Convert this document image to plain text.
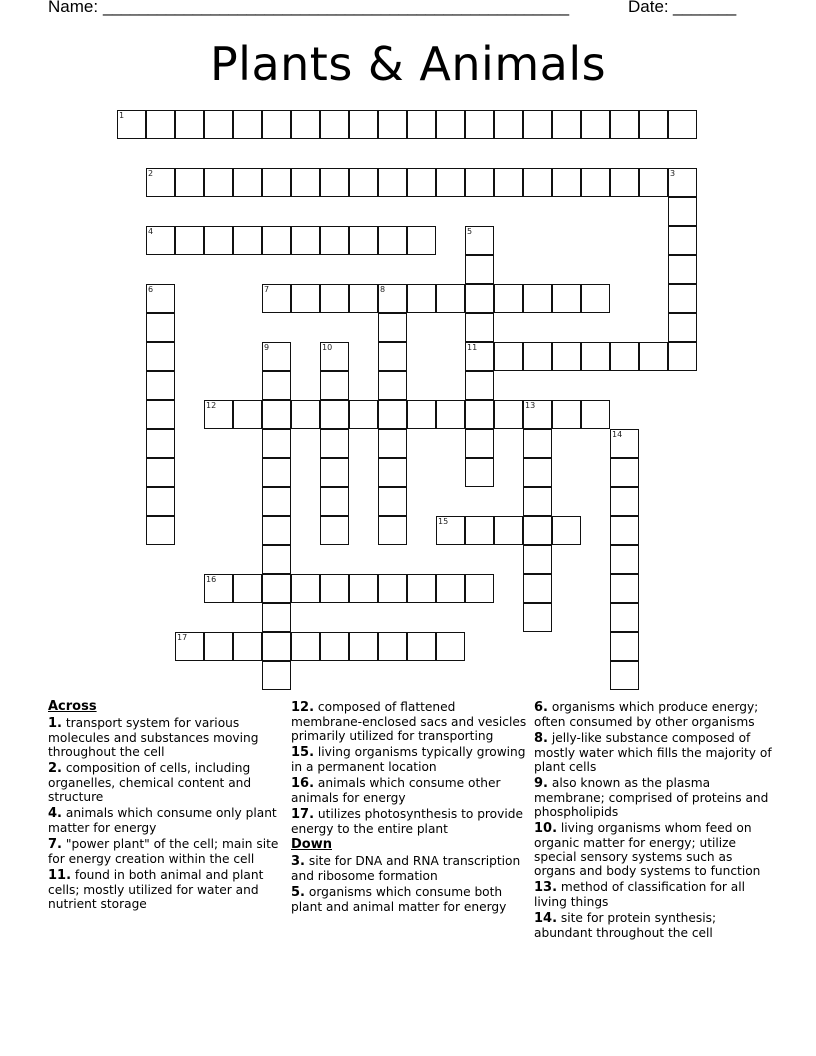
Name: ____________________________________________________	Date: _______
Plants & Animals
1
2	3
4	5
11
6	7	8
9	10
12	13
14
15
16
17
Across
1. transport system for various molecules and substances moving throughout the cell
2. composition of cells, including organelles, chemical content and structure
4. animals which consume only plant matter for energy
7. "power plant" of the cell; main site for energy creation within the cell
11. found in both animal and plant cells; mostly utilized for water and nutrient storage
12. composed of flattened membrane-enclosed sacs and vesicles primarily utilized for transporting
15. living organisms typically growing in a permanent location
16. animals which consume other animals for energy
17. utilizes photosynthesis to provide energy to the entire plant
Down
3. site for DNA and RNA transcription and ribosome formation
5. organisms which consume both plant and animal matter for energy
6. organisms which produce energy; often consumed by other organisms
8. jelly-like substance composed of mostly water which fills the majority of plant cells
9. also known as the plasma membrane; comprised of proteins and phospholipids
10. living organisms whom feed on organic matter for energy; utilize special sensory systems such as organs and body systems to function
13. method of classification for all living things
14. site for protein synthesis; abundant throughout the cell
